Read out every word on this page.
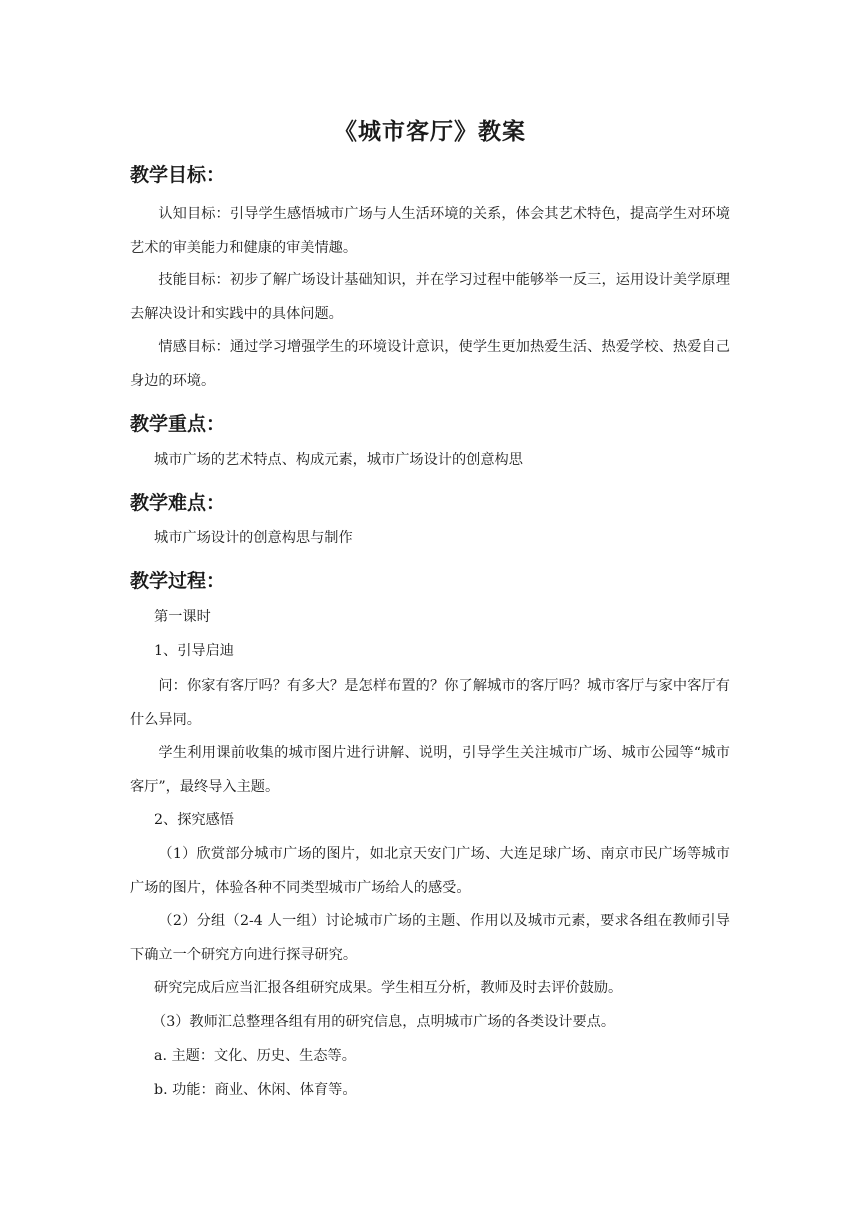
《城市客厅》教案
教学目标：
认知目标：引导学生感悟城市广场与人生活环境的关系，体会其艺术特色，提高学生对环境艺术的审美能力和健康的审美情趣。
技能目标：初步了解广场设计基础知识，并在学习过程中能够举一反三，运用设计美学原理去解决设计和实践中的具体问题。
情感目标：通过学习增强学生的环境设计意识，使学生更加热爱生活、热爱学校、热爱自己身边的环境。
教学重点：
城市广场的艺术特点、构成元素，城市广场设计的创意构思
教学难点：
城市广场设计的创意构思与制作
教学过程：
第一课时
1、引导启迪
问：你家有客厅吗？有多大？是怎样布置的？你了解城市的客厅吗？城市客厅与家中客厅有什么异同。
学生利用课前收集的城市图片进行讲解、说明，引导学生关注城市广场、城市公园等“城市客厅”，最终导入主题。
2、探究感悟
（1）欣赏部分城市广场的图片，如北京天安门广场、大连足球广场、南京市民广场等城市广场的图片，体验各种不同类型城市广场给人的感受。
（2）分组（2-4 人一组）讨论城市广场的主题、作用以及城市元素，要求各组在教师引导下确立一个研究方向进行探寻研究。
研究完成后应当汇报各组研究成果。学生相互分析，教师及时去评价鼓励。
（3）教师汇总整理各组有用的研究信息，点明城市广场的各类设计要点。
a. 主题：文化、历史、生态等。
b. 功能：商业、休闲、体育等。
